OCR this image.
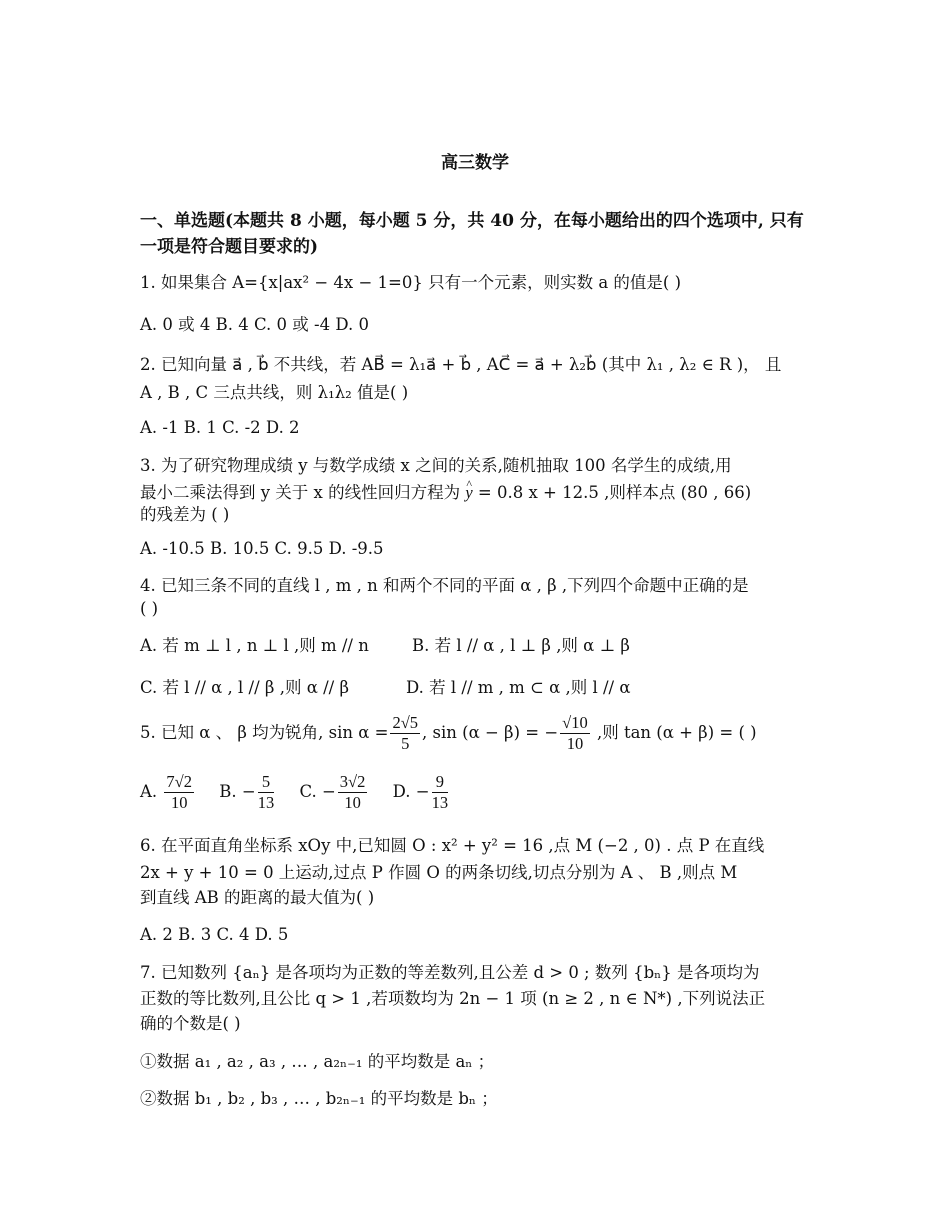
高三数学
一、单选题(本题共 8 小题，每小题 5 分，共 40 分，在每小题给出的四个选项中, 只有一项是符合题目要求的)
1. 如果集合 A={x|ax² − 4x − 1=0} 只有一个元素，则实数 a 的值是( )
A. 0 或 4 B. 4 C. 0 或 -4 D. 0
2. 已知向量 a⃗ , b⃗ 不共线，若 AB⃗ = λ₁a⃗ + b⃗ , AC⃗ = a⃗ + λ₂b⃗ (其中 λ₁ , λ₂ ∈ R )， 且
A , B , C 三点共线，则 λ₁λ₂ 值是( )
A. -1 B. 1 C. -2 D. 2
3. 为了研究物理成绩 y 与数学成绩 x 之间的关系,随机抽取 100 名学生的成绩,用
最小二乘法得到 y 关于 x 的线性回归方程为 ^ y = 0.8 x + 12.5 ,则样本点 (80 , 66)
的残差为 ( )
A. -10.5 B. 10.5 C. 9.5 D. -9.5
4. 已知三条不同的直线 l , m , n 和两个不同的平面 α , β ,下列四个命题中正确的是
( )
A. 若 m ⊥ l , n ⊥ l ,则 m // n	B. 若 l // α , l ⊥ β ,则 α ⊥ β
C. 若 l // α , l // β ,则 α // β	D. 若 l // m , m ⊂ α ,则 l // α
5. 已知 α 、 β 均为锐角, $\sin \alpha = \frac{2√5}{5}$ , sin (α − β) = − $\frac{√10}{10}$ ,则 tan (α + β) = ( )
A. $\frac{7√2}{10} B$. − $\frac{5}{13} C$. − $\frac{3√2}{10} D$. − $\frac{9}{13}$
6. 在平面直角坐标系 xOy 中,已知圆 O : x² + y² = 16 ,点 M (−2 , 0) . 点 P 在直线
2x + y + 10 = 0 上运动,过点 P 作圆 O 的两条切线,切点分别为 A 、 B ,则点 M
到直线 AB 的距离的最大值为( )
A. 2 B. 3 C. 4 D. 5
7. 已知数列 {aₙ} 是各项均为正数的等差数列,且公差 d > 0 ; 数列 {bₙ} 是各项均为
正数的等比数列,且公比 q > 1 ,若项数均为 2n − 1 项 (n ≥ 2 , n ∈ N*) ,下列说法正
确的个数是( )
①数据 a₁ , a₂ , a₃ , … , a₂ₙ₋₁ 的平均数是 aₙ ；
②数据 b₁ , b₂ , b₃ , … , b₂ₙ₋₁ 的平均数是 bₙ ；
